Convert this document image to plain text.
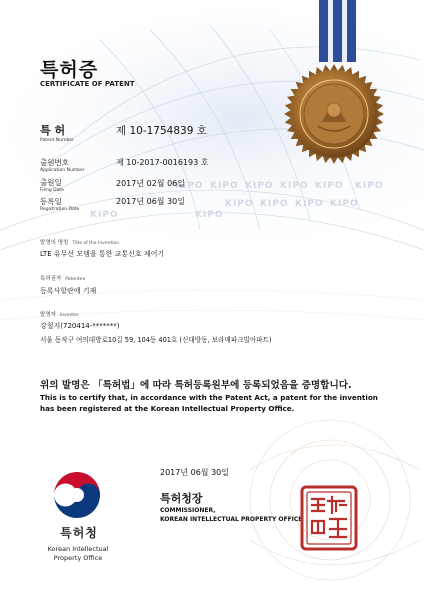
KIPO KIPO KIPO KIPO KIPO KIPO
KIPO KIPO KIPO KIPO
KIPO	KIPO
특허증
CERTIFICATE OF PATENT
특 허
Patent Number
제 10-1754839 호
출원번호
Application Number
제 10-2017-0016193 호
출원일
Filing Date
2017년 02월 06일
등록일
Registration Date
2017년 06월 30일
발명의 명칭 Title of the Invention
LTE 유무선 모뎀을 통한 교통신호 제어기
특허권자 Patentee
등록사항란에 기재
발명자 Inventor
강철지(720414-*******)
서울 동작구 여의대방로10길 59, 104동 401호 (신대방동, 보라매파크빌아파트)
위의 발명은 「특허법」에 따라 특허등록원부에 등록되었음을 증명합니다.
This is to certify that, in accordance with the Patent Act, a patent for the invention
has been registered at the Korean Intellectual Property Office.
2017년 06월 30일
특허청장
COMMISSIONER,
KOREAN INTELLECTUAL PROPERTY OFFICE
특허청
Korean Intellectual
Property Office
